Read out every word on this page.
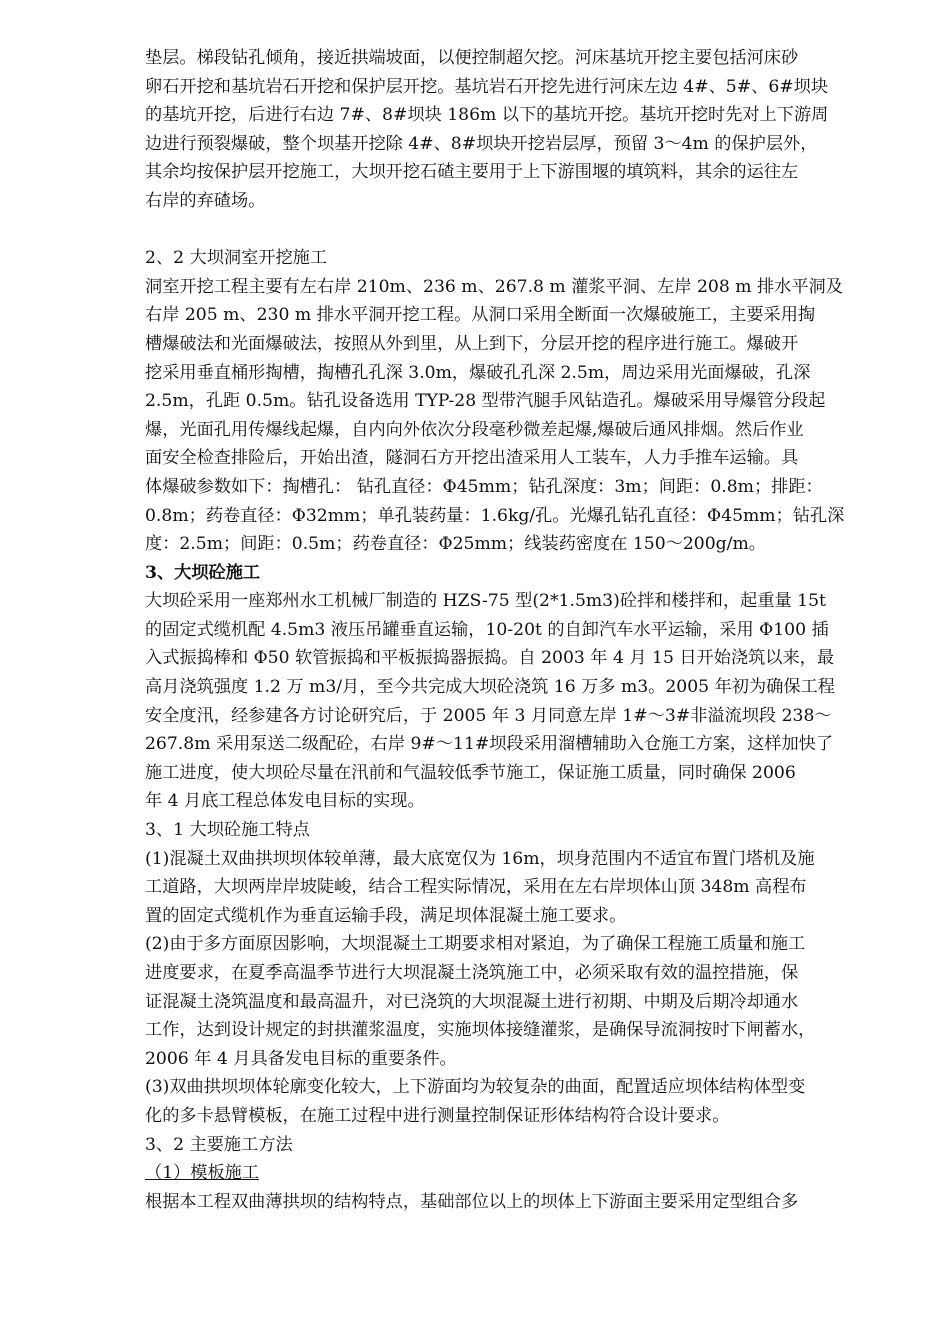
垫层。梯段钻孔倾角，接近拱端坡面，以便控制超欠挖。河床基坑开挖主要包括河床砂
卵石开挖和基坑岩石开挖和保护层开挖。基坑岩石开挖先进行河床左边 4#、5#、6#坝块
的基坑开挖，后进行右边 7#、8#坝块 186m 以下的基坑开挖。基坑开挖时先对上下游周
边进行预裂爆破，整个坝基开挖除 4#、8#坝块开挖岩层厚，预留 3～4m 的保护层外，
其余均按保护层开挖施工，大坝开挖石碴主要用于上下游围堰的填筑料，其余的运往左
右岸的弃碴场。
2、2 大坝洞室开挖施工
洞室开挖工程主要有左右岸 210m、236 m、267.8 m 灌浆平洞、左岸 208 m 排水平洞及
右岸 205 m、230 m 排水平洞开挖工程。从洞口采用全断面一次爆破施工，主要采用掏
槽爆破法和光面爆破法，按照从外到里，从上到下，分层开挖的程序进行施工。爆破开
挖采用垂直桶形掏槽，掏槽孔孔深 3.0m，爆破孔孔深 2.5m，周边采用光面爆破，孔深
2.5m，孔距 0.5m。钻孔设备选用 TYP-28 型带汽腿手风钻造孔。爆破采用导爆管分段起
爆，光面孔用传爆线起爆，自内向外依次分段毫秒微差起爆,爆破后通风排烟。然后作业
面安全检查排险后，开始出渣，隧洞石方开挖出渣采用人工装车，人力手推车运输。具
体爆破参数如下：掏槽孔： 钻孔直径：Φ45mm；钻孔深度：3m；间距：0.8m；排距：
0.8m；药卷直径：Φ32mm；单孔装药量：1.6kg/孔。光爆孔钻孔直径：Φ45mm；钻孔深
度：2.5m；间距：0.5m；药卷直径：Φ25mm；线装药密度在 150～200g/m。
3、大坝砼施工
大坝砼采用一座郑州水工机械厂制造的 HZS-75 型(2*1.5m3)砼拌和楼拌和，起重量 15t
的固定式缆机配 4.5m3 液压吊罐垂直运输，10-20t 的自卸汽车水平运输，采用 Φ100 插
入式振捣棒和 Φ50 软管振捣和平板振捣器振捣。自 2003 年 4 月 15 日开始浇筑以来，最
高月浇筑强度 1.2 万 m3/月，至今共完成大坝砼浇筑 16 万多 m3。2005 年初为确保工程
安全度汛，经参建各方讨论研究后，于 2005 年 3 月同意左岸 1#～3#非溢流坝段 238～
267.8m 采用泵送二级配砼，右岸 9#～11#坝段采用溜槽辅助入仓施工方案，这样加快了
施工进度，使大坝砼尽量在汛前和气温较低季节施工，保证施工质量，同时确保 2006
年 4 月底工程总体发电目标的实现。
3、1 大坝砼施工特点
(1)混凝土双曲拱坝坝体较单薄，最大底宽仅为 16m，坝身范围内不适宜布置门塔机及施
工道路，大坝两岸岸坡陡峻，结合工程实际情况，采用在左右岸坝体山顶 348m 高程布
置的固定式缆机作为垂直运输手段，满足坝体混凝土施工要求。
(2)由于多方面原因影响，大坝混凝土工期要求相对紧迫，为了确保工程施工质量和施工
进度要求，在夏季高温季节进行大坝混凝土浇筑施工中，必须采取有效的温控措施，保
证混凝土浇筑温度和最高温升，对已浇筑的大坝混凝土进行初期、中期及后期冷却通水
工作，达到设计规定的封拱灌浆温度，实施坝体接缝灌浆，是确保导流洞按时下闸蓄水，
2006 年 4 月具备发电目标的重要条件。
(3)双曲拱坝坝体轮廓变化较大，上下游面均为较复杂的曲面，配置适应坝体结构体型变
化的多卡悬臂模板，在施工过程中进行测量控制保证形体结构符合设计要求。
3、2 主要施工方法
（1）模板施工
根据本工程双曲薄拱坝的结构特点，基础部位以上的坝体上下游面主要采用定型组合多
